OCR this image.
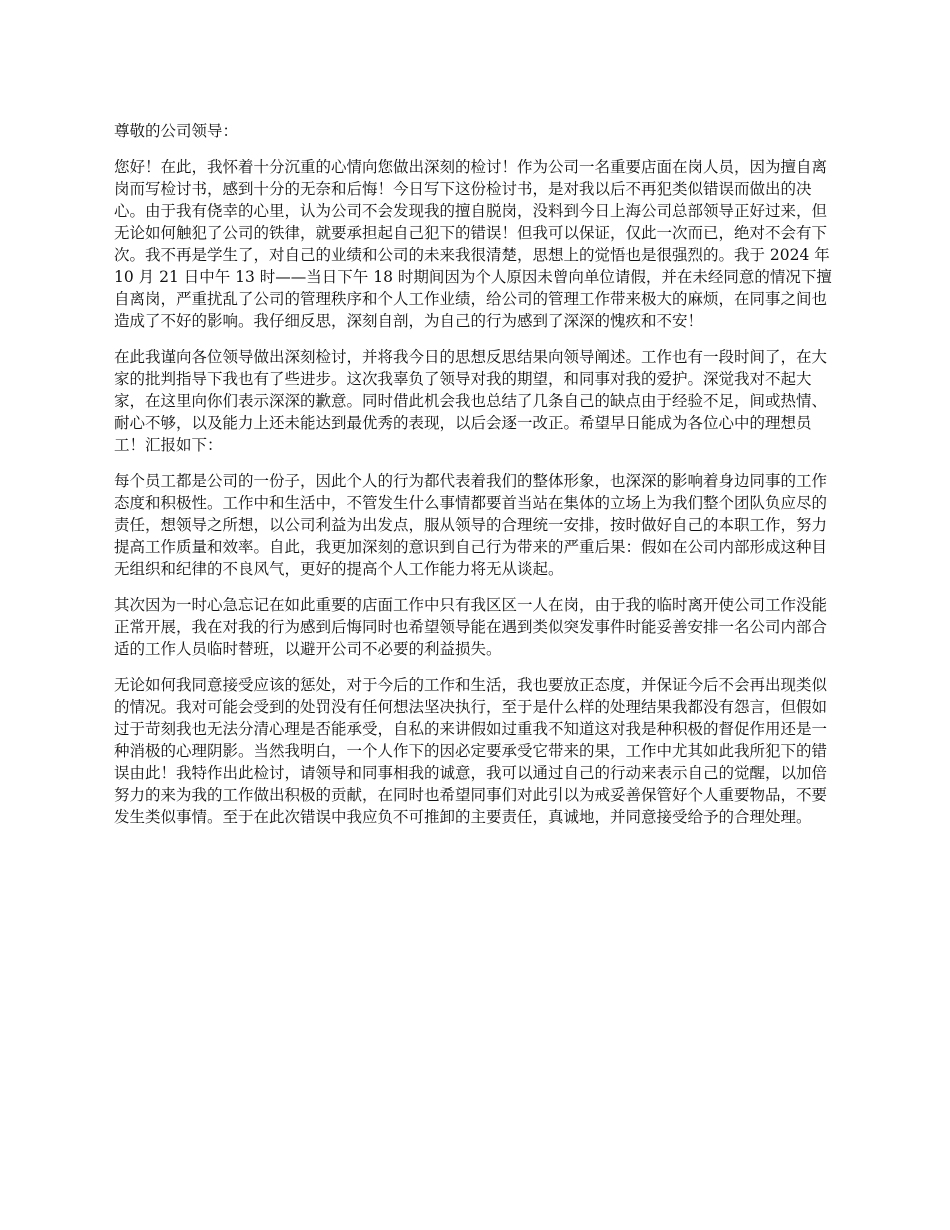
尊敬的公司领导：

您好！在此，我怀着十分沉重的心情向您做出深刻的检讨！作为公司一名重要店面在岗人员，因为擅自离岗而写检讨书，感到十分的无奈和后悔！今日写下这份检讨书，是对我以后不再犯类似错误而做出的决心。由于我有侥幸的心里，认为公司不会发现我的擅自脱岗，没料到今日上海公司总部领导正好过来，但无论如何触犯了公司的铁律，就要承担起自己犯下的错误！但我可以保证，仅此一次而已，绝对不会有下次。我不再是学生了，对自己的业绩和公司的未来我很清楚，思想上的觉悟也是很强烈的。我于 2024 年 10 月 21 日中午 13 时——当日下午 18 时期间因为个人原因未曾向单位请假，并在未经同意的情况下擅自离岗，严重扰乱了公司的管理秩序和个人工作业绩，给公司的管理工作带来极大的麻烦，在同事之间也造成了不好的影响。我仔细反思，深刻自剖，为自己的行为感到了深深的愧疚和不安！

在此我谨向各位领导做出深刻检讨，并将我今日的思想反思结果向领导阐述。工作也有一段时间了，在大家的批判指导下我也有了些进步。这次我辜负了领导对我的期望，和同事对我的爱护。深觉我对不起大家，在这里向你们表示深深的歉意。同时借此机会我也总结了几条自己的缺点由于经验不足，间或热情、耐心不够，以及能力上还未能达到最优秀的表现，以后会逐一改正。希望早日能成为各位心中的理想员工！汇报如下：

每个员工都是公司的一份子，因此个人的行为都代表着我们的整体形象，也深深的影响着身边同事的工作态度和积极性。工作中和生活中，不管发生什么事情都要首当站在集体的立场上为我们整个团队负应尽的责任，想领导之所想，以公司利益为出发点，服从领导的合理统一安排，按时做好自己的本职工作，努力提高工作质量和效率。自此，我更加深刻的意识到自己行为带来的严重后果：假如在公司内部形成这种目无组织和纪律的不良风气，更好的提高个人工作能力将无从谈起。

其次因为一时心急忘记在如此重要的店面工作中只有我区区一人在岗，由于我的临时离开使公司工作没能正常开展，我在对我的行为感到后悔同时也希望领导能在遇到类似突发事件时能妥善安排一名公司内部合适的工作人员临时替班，以避开公司不必要的利益损失。

无论如何我同意接受应该的惩处，对于今后的工作和生活，我也要放正态度，并保证今后不会再出现类似的情况。我对可能会受到的处罚没有任何想法坚决执行，至于是什么样的处理结果我都没有怨言，但假如过于苛刻我也无法分清心理是否能承受，自私的来讲假如过重我不知道这对我是种积极的督促作用还是一种消极的心理阴影。当然我明白，一个人作下的因必定要承受它带来的果，工作中尤其如此我所犯下的错误由此！我特作出此检讨，请领导和同事相我的诚意，我可以通过自己的行动来表示自己的觉醒，以加倍努力的来为我的工作做出积极的贡献，在同时也希望同事们对此引以为戒妥善保管好个人重要物品，不要发生类似事情。至于在此次错误中我应负不可推卸的主要责任，真诚地，并同意接受给予的合理处理。
